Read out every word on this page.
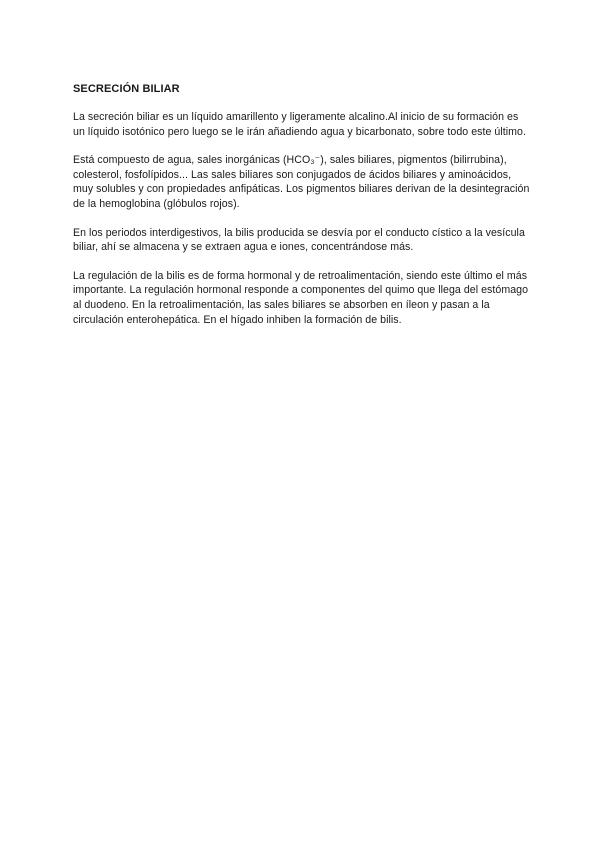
SECRECIÓN BILIAR

La secreción biliar es un líquido amarillento y ligeramente alcalino.Al inicio de su formación es un líquido isotónico pero luego se le irán añadiendo agua y bicarbonato, sobre todo este último.

Está compuesto de agua, sales inorgánicas (HCO₃⁻), sales biliares, pigmentos (bilirrubina), colesterol, fosfolípidos... Las sales biliares son conjugados de ácidos biliares y aminoácidos, muy solubles y con propiedades anfipáticas. Los pigmentos biliares derivan de la desintegración de la hemoglobina (glóbulos rojos).

En los periodos interdigestivos, la bilis producida se desvía por el conducto cístico a la vesícula biliar, ahí se almacena y se extraen agua e iones, concentrándose más.

La regulación de la bilis es de forma hormonal y de retroalimentación, siendo este último el más importante. La regulación hormonal responde a componentes del quimo que llega del estómago al duodeno. En la retroalimentación, las sales biliares se absorben en íleon y pasan a la circulación enterohepática. En el hígado inhiben la formación de bilis.
